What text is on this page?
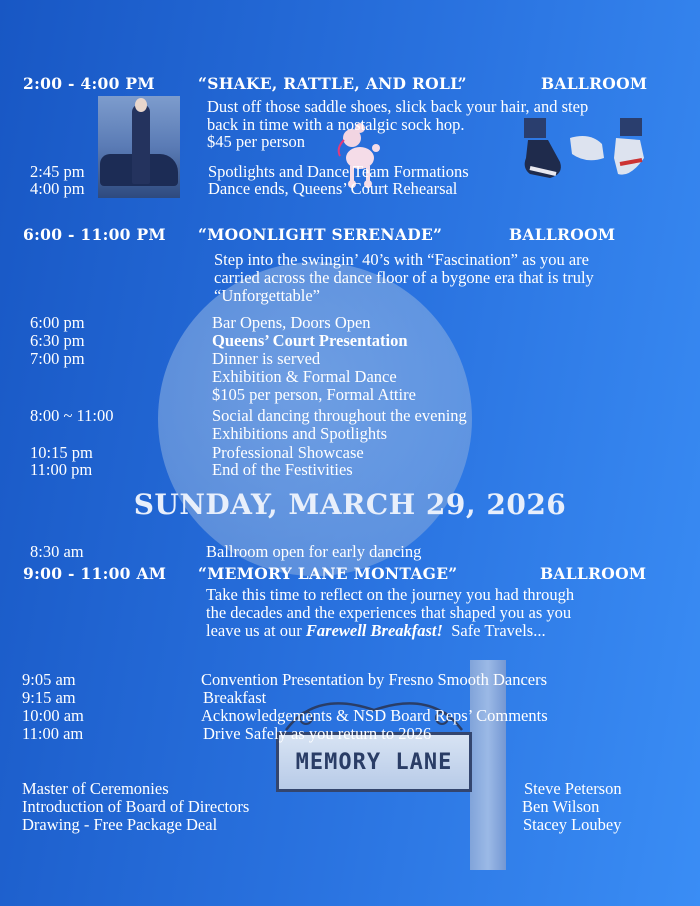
MEMORY LANE
2:00 - 4:00 PM	“SHAKE, RATTLE, AND ROLL”	BALLROOM
Dust off those saddle shoes, slick back your hair, and step
back in time with a nostalgic sock hop.
$45 per person
2:45 pm	Spotlights and Dance Team Formations
4:00 pm	Dance ends, Queens’ Court Rehearsal
6:00 - 11:00 PM “MOONLIGHT SERENADE”	BALLROOM
Step into the swingin’ 40’s with “Fascination” as you are
carried across the dance floor of a bygone era that is truly
“Unforgettable”
6:00 pm	Bar Opens, Doors Open
6:30 pm	Queens’ Court Presentation
7:00 pm	Dinner is served
Exhibition & Formal Dance
$105 per person, Formal Attire
8:00 ~ 11:00	Social dancing throughout the evening
Exhibitions and Spotlights
10:15 pm	Professional Showcase
11:00 pm	End of the Festivities
SUNDAY, MARCH 29, 2026
8:30 am	Ballroom open for early dancing
9:00 - 11:00 AM “MEMORY LANE MONTAGE”	BALLROOM
Take this time to reflect on the journey you had through
the decades and the experiences that shaped you as you
leave us at our Farewell Breakfast!  Safe Travels...
9:05 am	Convention Presentation by Fresno Smooth Dancers
9:15 am	Breakfast
10:00 am	Acknowledgements & NSD Board Reps’ Comments
11:00 am	Drive Safely as you return to 2026
Master of Ceremonies	Steve Peterson
Introduction of Board of Directors	Ben Wilson
Drawing - Free Package Deal	Stacey Loubey
